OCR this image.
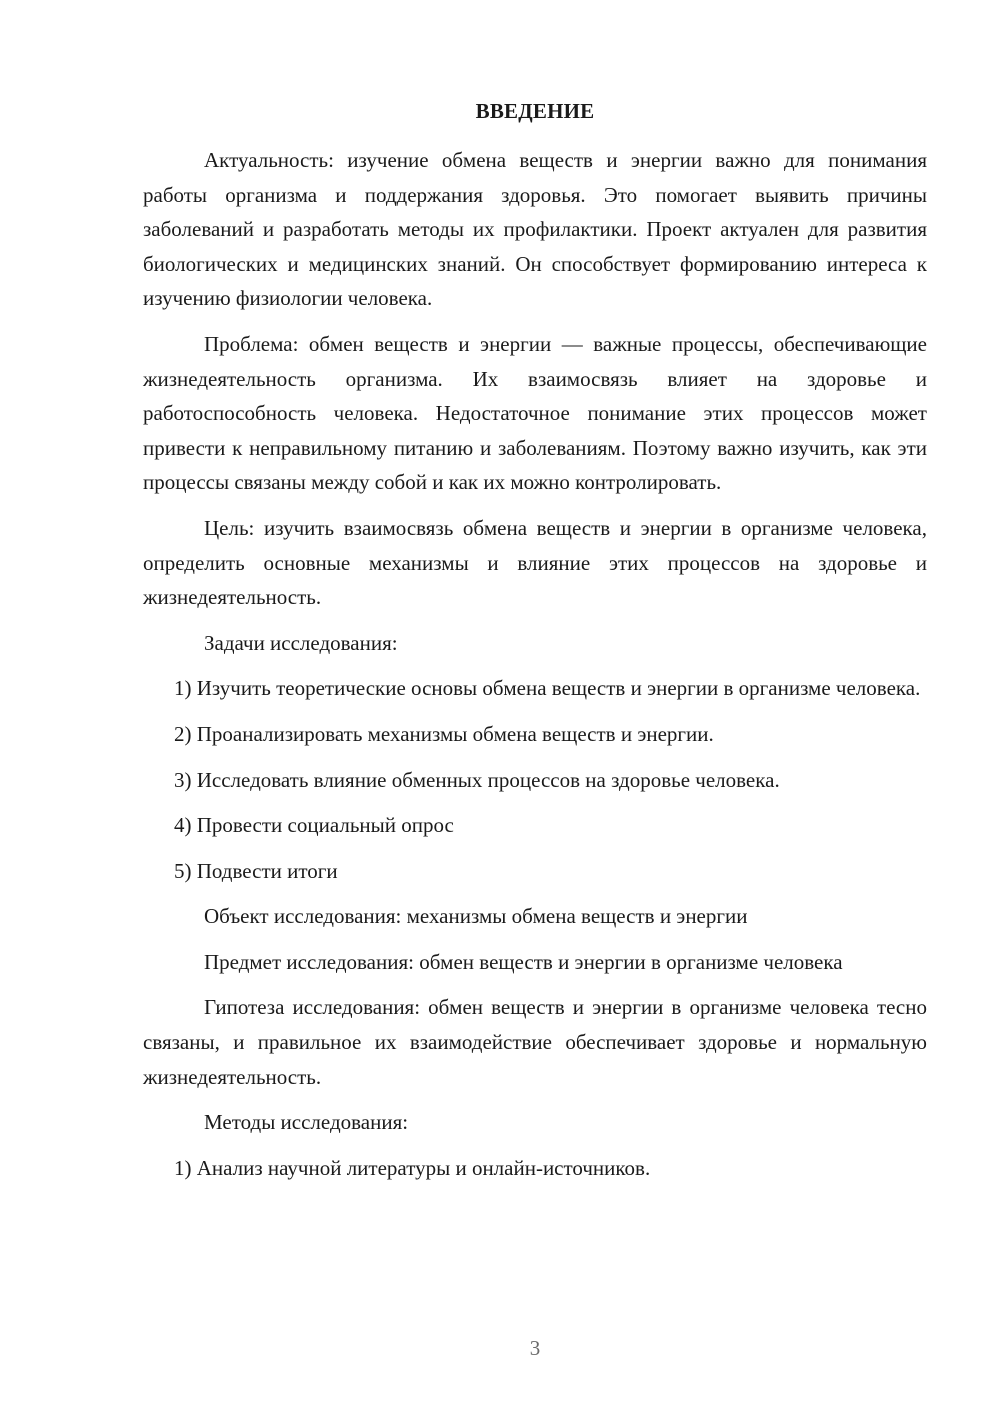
ВВЕДЕНИЕ

Актуальность: изучение обмена веществ и энергии важно для понимания работы организма и поддержания здоровья. Это помогает выявить причины заболеваний и разработать методы их профилактики. Проект актуален для развития биологических и медицинских знаний. Он способствует формированию интереса к изучению физиологии человека.

Проблема: обмен веществ и энергии — важные процессы, обеспечивающие жизнедеятельность организма. Их взаимосвязь влияет на здоровье и работоспособность человека. Недостаточное понимание этих процессов может привести к неправильному питанию и заболеваниям. Поэтому важно изучить, как эти процессы связаны между собой и как их можно контролировать.

Цель: изучить взаимосвязь обмена веществ и энергии в организме человека, определить основные механизмы и влияние этих процессов на здоровье и жизнедеятельность.

Задачи исследования:

1) Изучить теоретические основы обмена веществ и энергии в организме человека.

2) Проанализировать механизмы обмена веществ и энергии.

3) Исследовать влияние обменных процессов на здоровье человека.

4) Провести социальный опрос

5) Подвести итоги

Объект исследования: механизмы обмена веществ и энергии

Предмет исследования: обмен веществ и энергии в организме человека

Гипотеза исследования: обмен веществ и энергии в организме человека тесно связаны, и правильное их взаимодействие обеспечивает здоровье и нормальную жизнедеятельность.

Методы исследования:

1) Анализ научной литературы и онлайн-источников.

3
